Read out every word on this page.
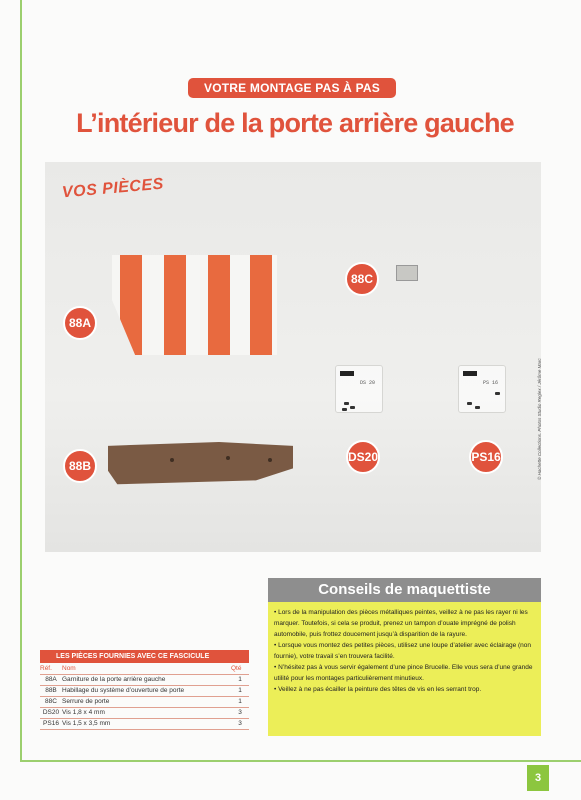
VOTRE MONTAGE PAS À PAS
L’intérieur de la porte arrière gauche
VOS PIÈCES
88A
88B
88C
DS 20
DS20
PS 16
PS16	© Hachette Collections. Photos Studio Reglex / Jérôme Marc
Conseils de maquettiste

• Lors de la manipulation des pièces métalliques peintes, veillez à ne pas les rayer ni les marquer. Toutefois, si cela se produit, prenez un tampon d’ouate imprégné de polish automobile, puis frottez doucement jusqu’à disparition de la rayure.

• Lorsque vous montez des petites pièces, utilisez une loupe d’atelier avec éclairage (non fournie), votre travail s’en trouvera facilité.

• N’hésitez pas à vous servir également d’une pince Brucelle. Elle vous sera d’une grande utilité pour les montages particulièrement minutieux.

• Veillez à ne pas écailler la peinture des têtes de vis en les serrant trop.

LES PIÈCES FOURNIES AVEC CE FASCICULE
Réf.	Nom	Qté
88A	Garniture de la porte arrière gauche	1
88B	Habillage du système d’ouverture de porte	1
88C	Serrure de porte	1
DS20	Vis 1,8 x 4 mm	3
PS16	Vis 1,5 x 3,5 mm	3
3
